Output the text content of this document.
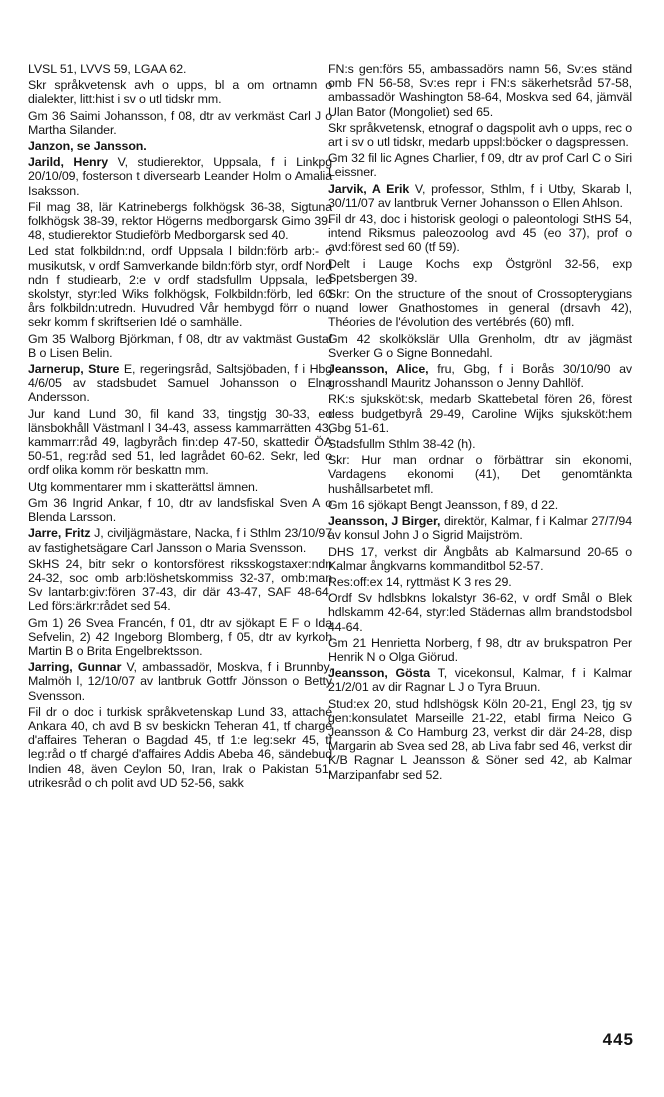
LVSL 51, LVVS 59, LGAA 62.
Skr språkvetensk avh o upps, bl a om ortnamn o dialekter, litt:hist i sv o utl tidskr mm.
Gm 36 Saimi Johansson, f 08, dtr av verkmäst Carl J o Martha Silander.
Janzon, se Jansson.
Jarild, Henry V, studierektor, Uppsala, f i Linkpg 20/10/09, fosterson t diversearb Leander Holm o Amalia Isaksson.
Fil mag 38, lär Katrinebergs folkhögsk 36-38, Sigtuna folkhögsk 38-39, rektor Högerns medborgarsk Gimo 39-48, studierektor Studieförb Medborgarsk sed 40.
Led stat folkbildn:nd, ordf Uppsala l bildn:förb arb:- o musikutsk, v ordf Samverkande bildn:förb styr, ordf Nord ndn f studiearb, 2:e v ordf stadsfullm Uppsala, led skolstyr, styr:led Wiks folkhögsk, Folkbildn:förb, led 60 års folkbildn:utredn. Huvudred Vår hembygd förr o nu, sekr komm f skriftserien Idé o samhälle.
Gm 35 Walborg Björkman, f 08, dtr av vaktmäst Gustaf B o Lisen Belin.
Jarnerup, Sture E, regeringsråd, Saltsjöbaden, f i Hbg 4/6/05 av stadsbudet Samuel Johansson o Elna Andersson.
Jur kand Lund 30, fil kand 33, tingstjg 30-33, eo länsbokhåll Västmanl l 34-43, assess kammarrätten 43, kammarr:råd 49, lagbyråch fin:dep 47-50, skattedir ÖA 50-51, reg:råd sed 51, led lagrådet 60-62. Sekr, led o ordf olika komm rör beskattn mm.
Utg kommentarer mm i skatterättsl ämnen.
Gm 36 Ingrid Ankar, f 10, dtr av landsfiskal Sven A o Blenda Larsson.
Jarre, Fritz J, civiljägmästare, Nacka, f i Sthlm 23/10/97 av fastighetsägare Carl Jansson o Maria Svensson.
SkHS 24, bitr sekr o kontorsförest riksskogstaxer:ndn 24-32, soc omb arb:löshetskommiss 32-37, omb:man Sv lantarb:giv:fören 37-43, dir där 43-47, SAF 48-64. Led förs:ärkr:rådet sed 54.
Gm 1) 26 Svea Francén, f 01, dtr av sjökapt E F o Ida Sefvelin, 2) 42 Ingeborg Blomberg, f 05, dtr av kyrkoh Martin B o Brita Engelbrektsson.
Jarring, Gunnar V, ambassadör, Moskva, f i Brunnby, Malmöh l, 12/10/07 av lantbruk Gottfr Jönsson o Betty Svensson.
Fil dr o doc i turkisk språkvetenskap Lund 33, attaché Ankara 40, ch avd B sv beskickn Teheran 41, tf chargé d'affaires Teheran o Bagdad 45, tf 1:e leg:sekr 45, tf leg:råd o tf chargé d'affaires Addis Abeba 46, sändebud Indien 48, även Ceylon 50, Iran, Irak o Pakistan 51, utrikesråd o ch polit avd UD 52-56, sakk
FN:s gen:förs 55, ambassadörs namn 56, Sv:es ständ omb FN 56-58, Sv:es repr i FN:s säkerhetsråd 57-58, ambassadör Washington 58-64, Moskva sed 64, jämväl Ulan Bator (Mongoliet) sed 65.
Skr språkvetensk, etnograf o dagspolit avh o upps, rec o art i sv o utl tidskr, medarb uppsl:böcker o dagspressen.
Gm 32 fil lic Agnes Charlier, f 09, dtr av prof Carl C o Siri Leissner.
Jarvik, A Erik V, professor, Sthlm, f i Utby, Skarab l, 30/11/07 av lantbruk Verner Johansson o Ellen Ahlson.
Fil dr 43, doc i historisk geologi o paleontologi StHS 54, intend Riksmus paleozoolog avd 45 (eo 37), prof o avd:förest sed 60 (tf 59).
Delt i Lauge Kochs exp Östgrönl 32-56, exp Spetsbergen 39.
Skr: On the structure of the snout of Crossopterygians and lower Gnathostomes in general (drsavh 42), Théories de l'évolution des vertébrés (60) mfl.
Gm 42 skolkökslär Ulla Grenholm, dtr av jägmäst Sverker G o Signe Bonnedahl.
Jeansson, Alice, fru, Gbg, f i Borås 30/10/90 av grosshandl Mauritz Johansson o Jenny Dahllöf.
RK:s sjuksköt:sk, medarb Skattebetal fören 26, förest dess budgetbyrå 29-49, Caroline Wijks sjuksköt:hem Gbg 51-61.
Stadsfullm Sthlm 38-42 (h).
Skr: Hur man ordnar o förbättrar sin ekonomi, Vardagens ekonomi (41), Det genomtänkta hushållsarbetet mfl.
Gm 16 sjökapt Bengt Jeansson, f 89, d 22.
Jeansson, J Birger, direktör, Kalmar, f i Kalmar 27/7/94 av konsul John J o Sigrid Maijström.
DHS 17, verkst dir Ångbåts ab Kalmarsund 20-65 o Kalmar ångkvarns kommanditbol 52-57.
Res:off:ex 14, ryttmäst K 3 res 29.
Ordf Sv hdlsbkns lokalstyr 36-62, v ordf Smål o Blek hdlskamm 42-64, styr:led Städernas allm brandstodsbol 44-64.
Gm 21 Henrietta Norberg, f 98, dtr av brukspatron Per Henrik N o Olga Giörud.
Jeansson, Gösta T, vicekonsul, Kalmar, f i Kalmar 21/2/01 av dir Ragnar L J o Tyra Bruun.
Stud:ex 20, stud hdlshögsk Köln 20-21, Engl 23, tjg sv gen:konsulatet Marseille 21-22, etabl firma Neico G Jeansson & Co Hamburg 23, verkst dir där 24-28, disp Margarin ab Svea sed 28, ab Liva fabr sed 46, verkst dir K/B Ragnar L Jeansson & Söner sed 42, ab Kalmar Marzipanfabr sed 52.
445
